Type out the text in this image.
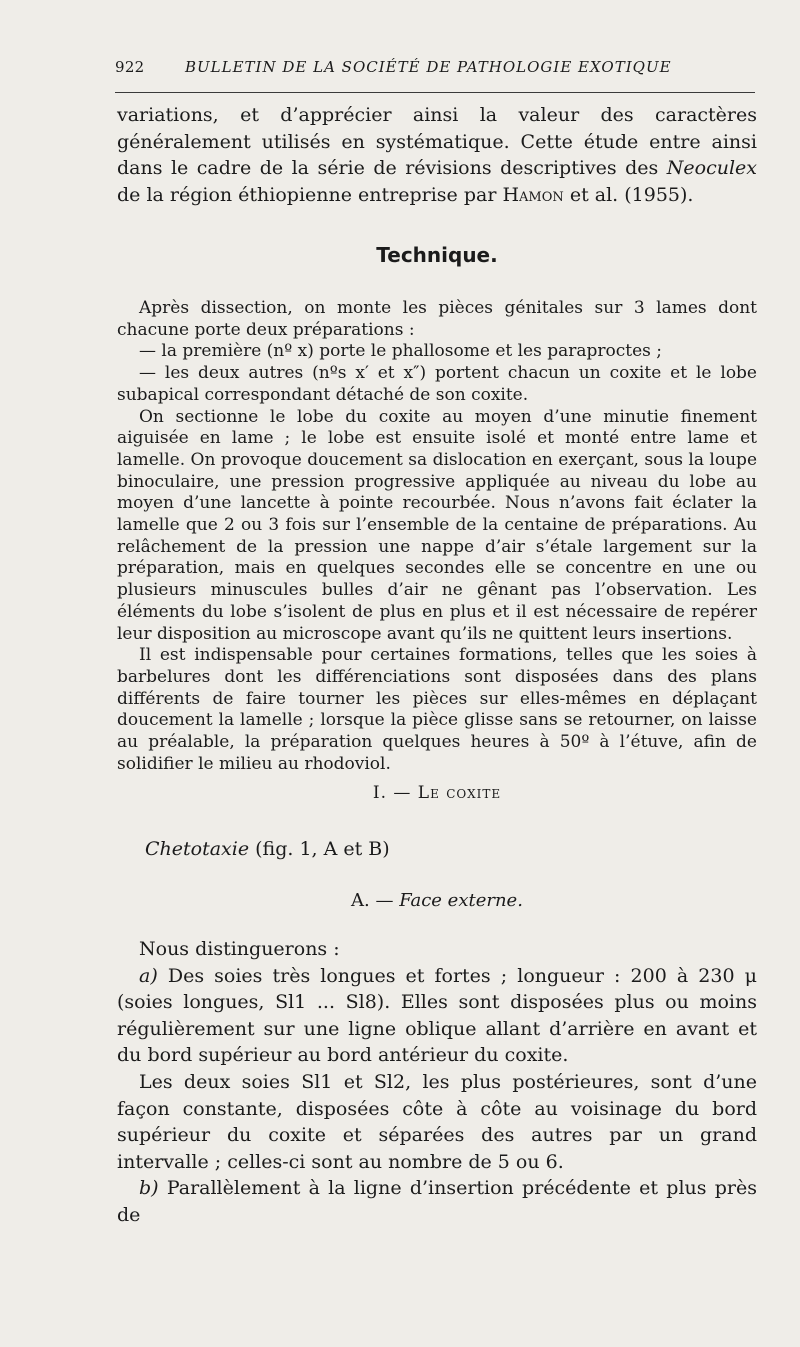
922	BULLETIN DE LA SOCIÉTÉ DE PATHOLOGIE EXOTIQUE

variations, et d’apprécier ainsi la valeur des caractères généralement utilisés en systématique. Cette étude entre ainsi dans le cadre de la série de révisions descriptives des Neoculex de la région éthiopienne entreprise par Hamon et al. (1955).

Technique.

Après dissection, on monte les pièces génitales sur 3 lames dont chacune porte deux préparations :

— la première (nº x) porte le phallosome et les paraproctes ;

— les deux autres (nºs x′ et x″) portent chacun un coxite et le lobe subapical correspondant détaché de son coxite.

On sectionne le lobe du coxite au moyen d’une minutie finement aiguisée en lame ; le lobe est ensuite isolé et monté entre lame et lamelle. On provoque doucement sa dislocation en exerçant, sous la loupe binoculaire, une pression progressive appliquée au niveau du lobe au moyen d’une lancette à pointe recourbée. Nous n’avons fait éclater la lamelle que 2 ou 3 fois sur l’ensemble de la centaine de préparations. Au relâchement de la pression une nappe d’air s’étale largement sur la préparation, mais en quelques secondes elle se concentre en une ou plusieurs minuscules bulles d’air ne gênant pas l’observation. Les éléments du lobe s’isolent de plus en plus et il est nécessaire de repérer leur disposition au microscope avant qu’ils ne quittent leurs insertions.

Il est indispensable pour certaines formations, telles que les soies à barbelures dont les différenciations sont disposées dans des plans différents de faire tourner les pièces sur elles-mêmes en déplaçant doucement la lamelle ; lorsque la pièce glisse sans se retourner, on laisse au préalable, la préparation quelques heures à 50º à l’étuve, afin de solidifier le milieu au rhodoviol.

I. — Le coxite
Chetotaxie (fig. 1, A et B)
A. — Face externe.

Nous distinguerons :

a) Des soies très longues et fortes ; longueur : 200 à 230 μ (soies longues, Sl1 ... Sl8). Elles sont disposées plus ou moins régulièrement sur une ligne oblique allant d’arrière en avant et du bord supérieur au bord antérieur du coxite.

Les deux soies Sl1 et Sl2, les plus postérieures, sont d’une façon constante, disposées côte à côte au voisinage du bord supérieur du coxite et séparées des autres par un grand intervalle ; celles-ci sont au nombre de 5 ou 6.

b) Parallèlement à la ligne d’insertion précédente et plus près de
